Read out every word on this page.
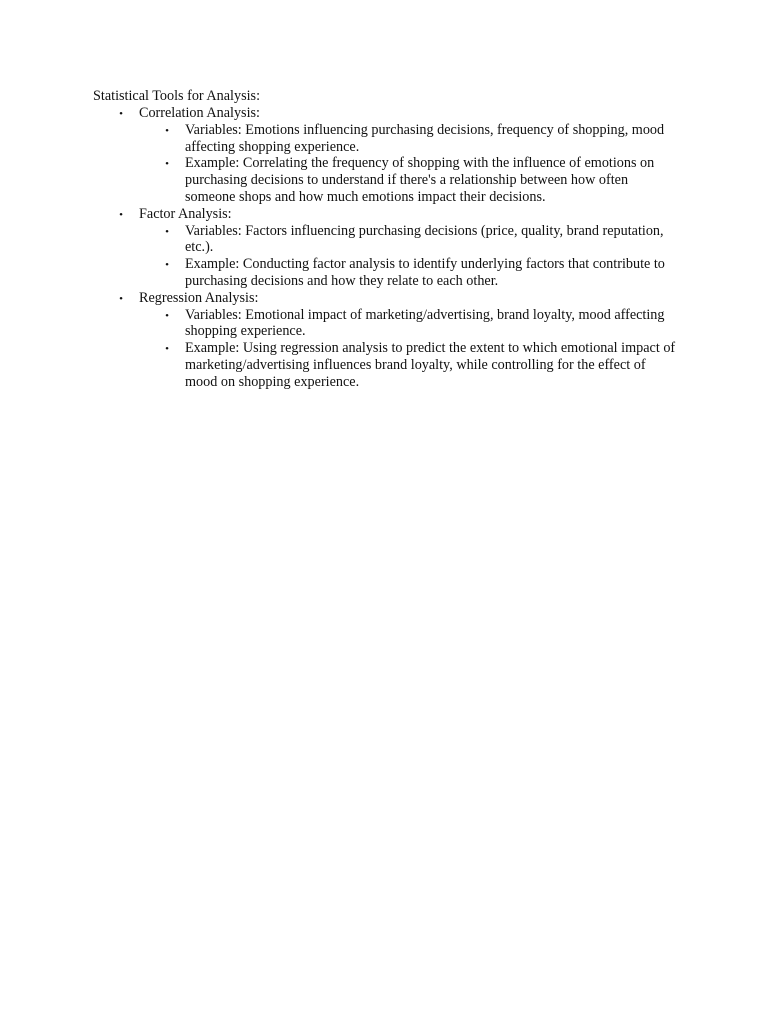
Statistical Tools for Analysis:

•
Correlation Analysis:
•
Variables: Emotions influencing purchasing decisions, frequency of shopping, mood affecting shopping experience.
•
Example: Correlating the frequency of shopping with the influence of emotions on purchasing decisions to understand if there's a relationship between how often someone shops and how much emotions impact their decisions.
•
Factor Analysis:
•
Variables: Factors influencing purchasing decisions (price, quality, brand reputation, etc.).
•
Example: Conducting factor analysis to identify underlying factors that contribute to purchasing decisions and how they relate to each other.
•
Regression Analysis:
•
Variables: Emotional impact of marketing/advertising, brand loyalty, mood affecting shopping experience.
•
Example: Using regression analysis to predict the extent to which emotional impact of marketing/advertising influences brand loyalty, while controlling for the effect of mood on shopping experience.
